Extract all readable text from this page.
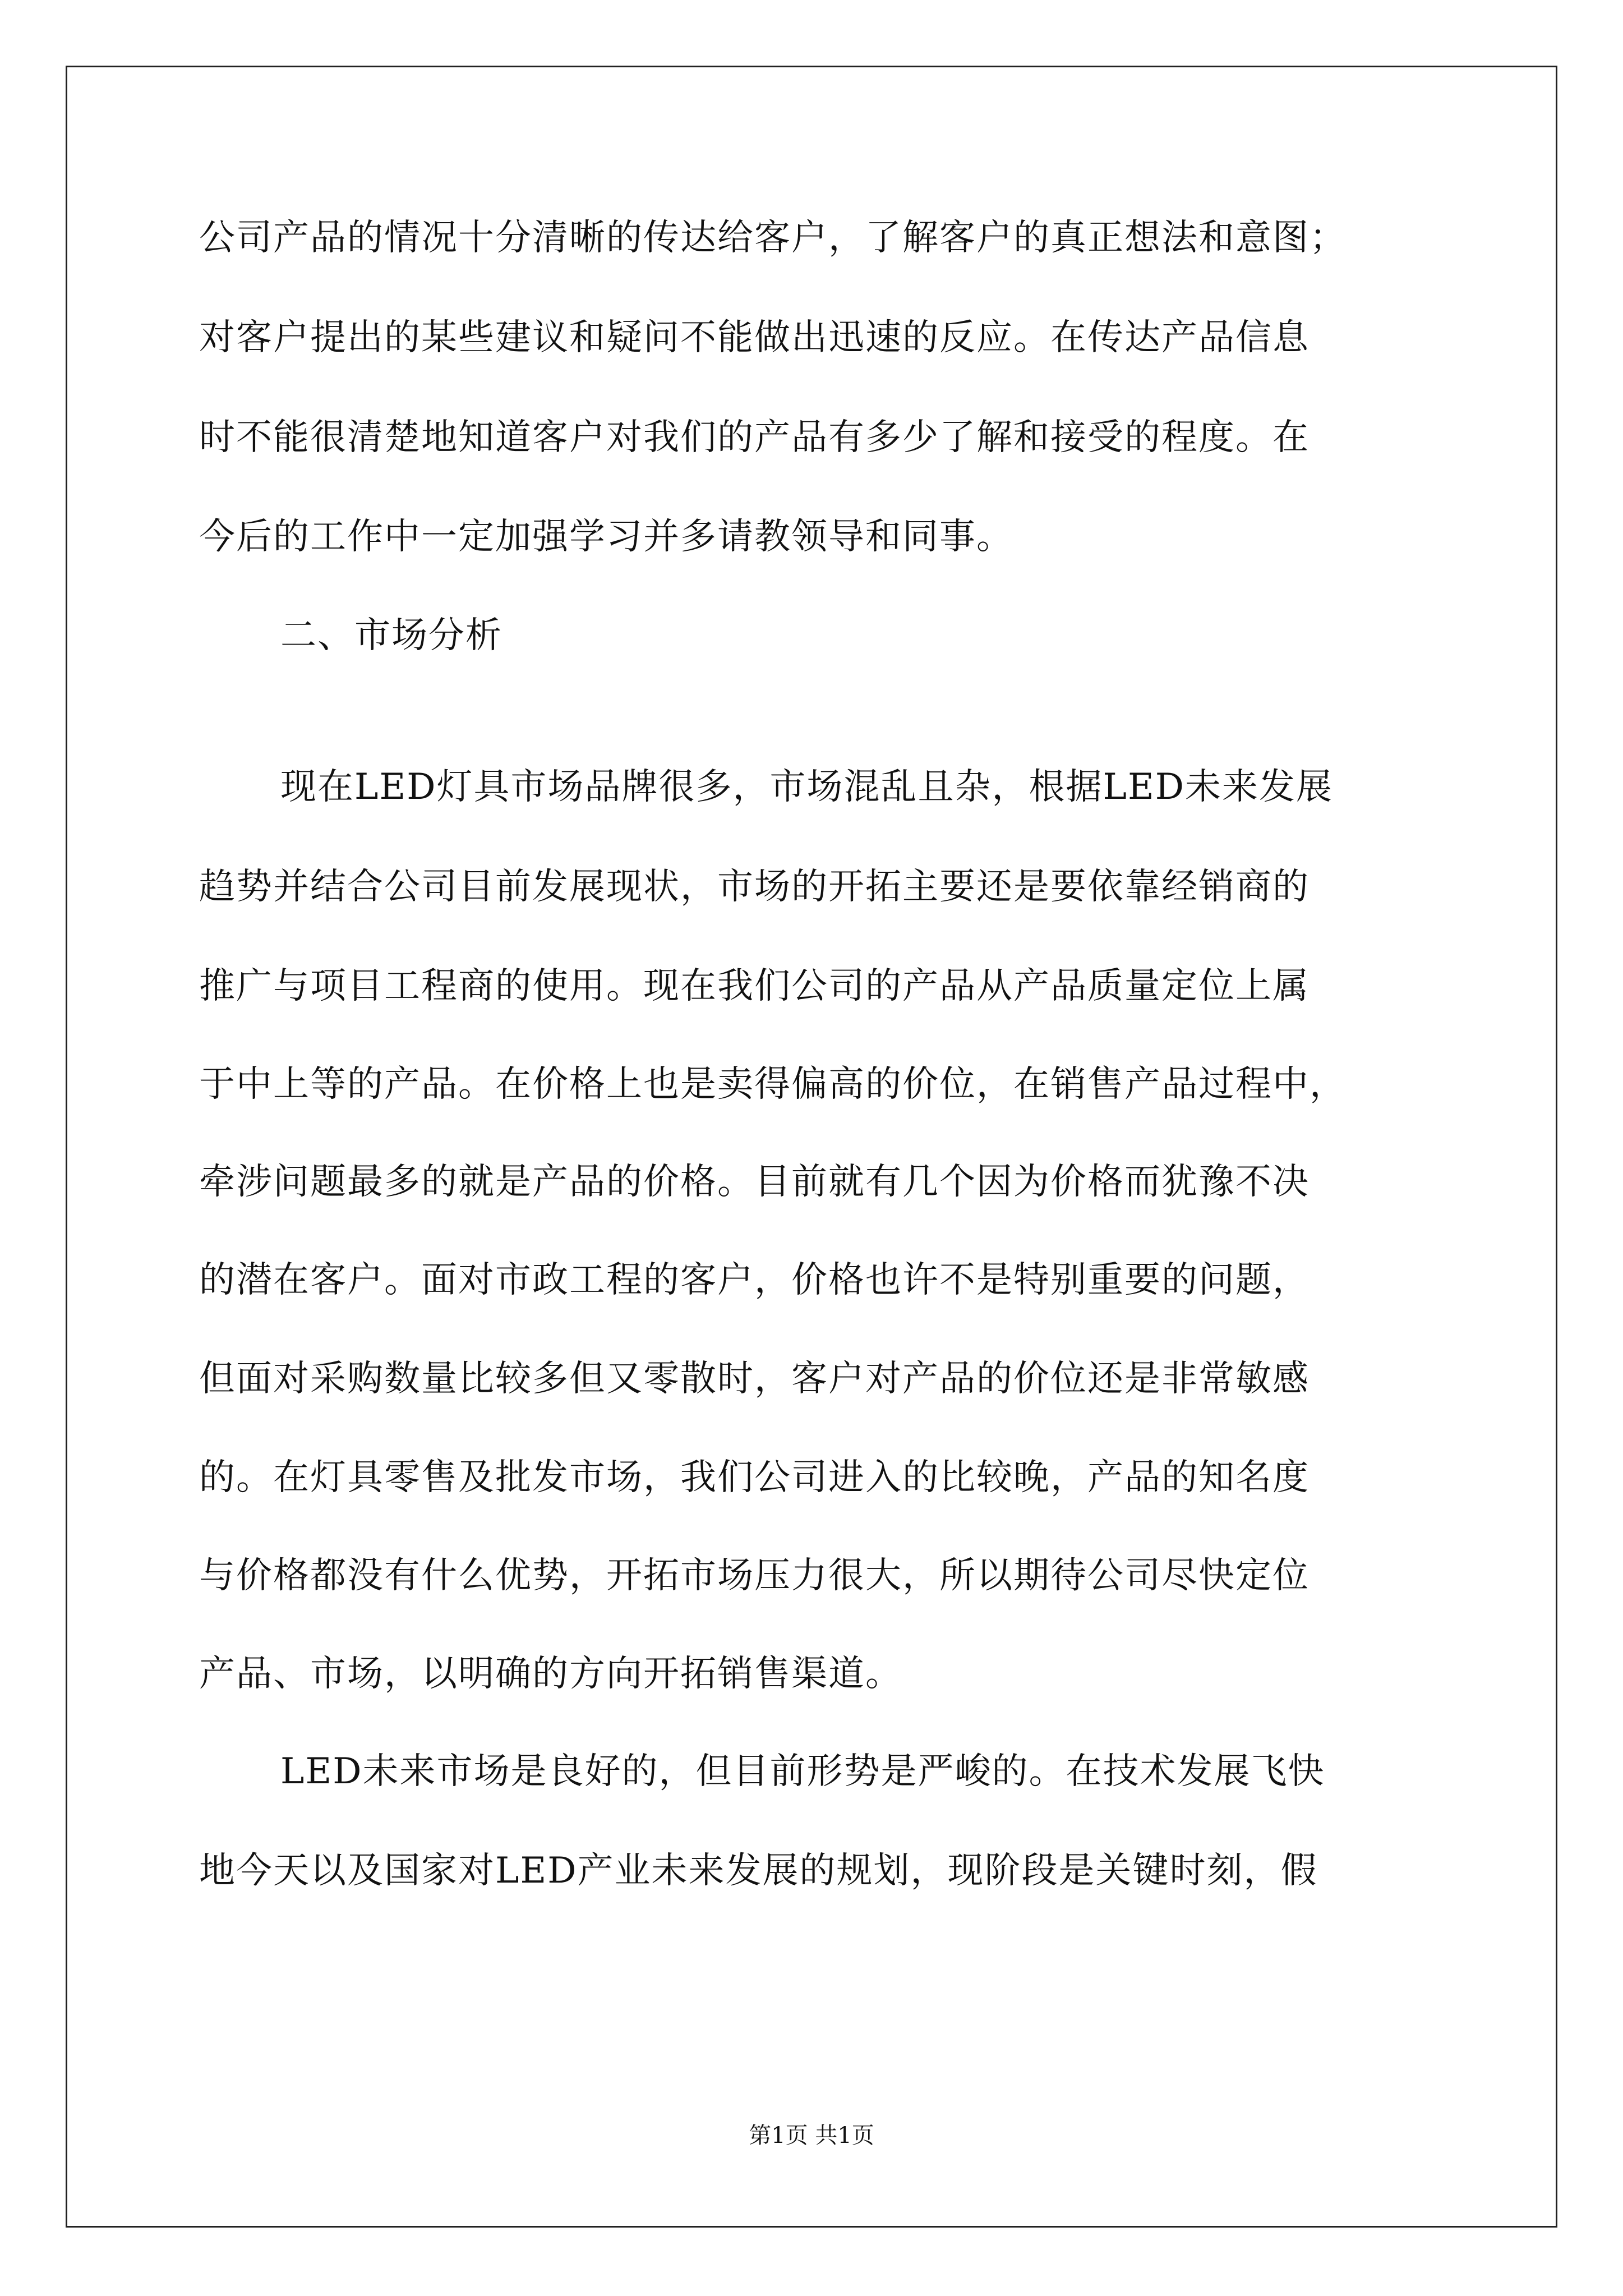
公司产品的情况十分清晰的传达给客户，了解客户的真正想法和意图；
对客户提出的某些建议和疑问不能做出迅速的反应。在传达产品信息
时不能很清楚地知道客户对我们的产品有多少了解和接受的程度。在
今后的工作中一定加强学习并多请教领导和同事。
二、市场分析
现在LED灯具市场品牌很多，市场混乱且杂，根据LED未来发展
趋势并结合公司目前发展现状，市场的开拓主要还是要依靠经销商的
推广与项目工程商的使用。现在我们公司的产品从产品质量定位上属
于中上等的产品。在价格上也是卖得偏高的价位，在销售产品过程中，
牵涉问题最多的就是产品的价格。目前就有几个因为价格而犹豫不决
的潜在客户。面对市政工程的客户，价格也许不是特别重要的问题，
但面对采购数量比较多但又零散时，客户对产品的价位还是非常敏感
的。在灯具零售及批发市场，我们公司进入的比较晚，产品的知名度
与价格都没有什么优势，开拓市场压力很大，所以期待公司尽快定位
产品、市场，以明确的方向开拓销售渠道。
LED未来市场是良好的，但目前形势是严峻的。在技术发展飞快
地今天以及国家对LED产业未来发展的规划，现阶段是关键时刻，假
第1页 共1页
